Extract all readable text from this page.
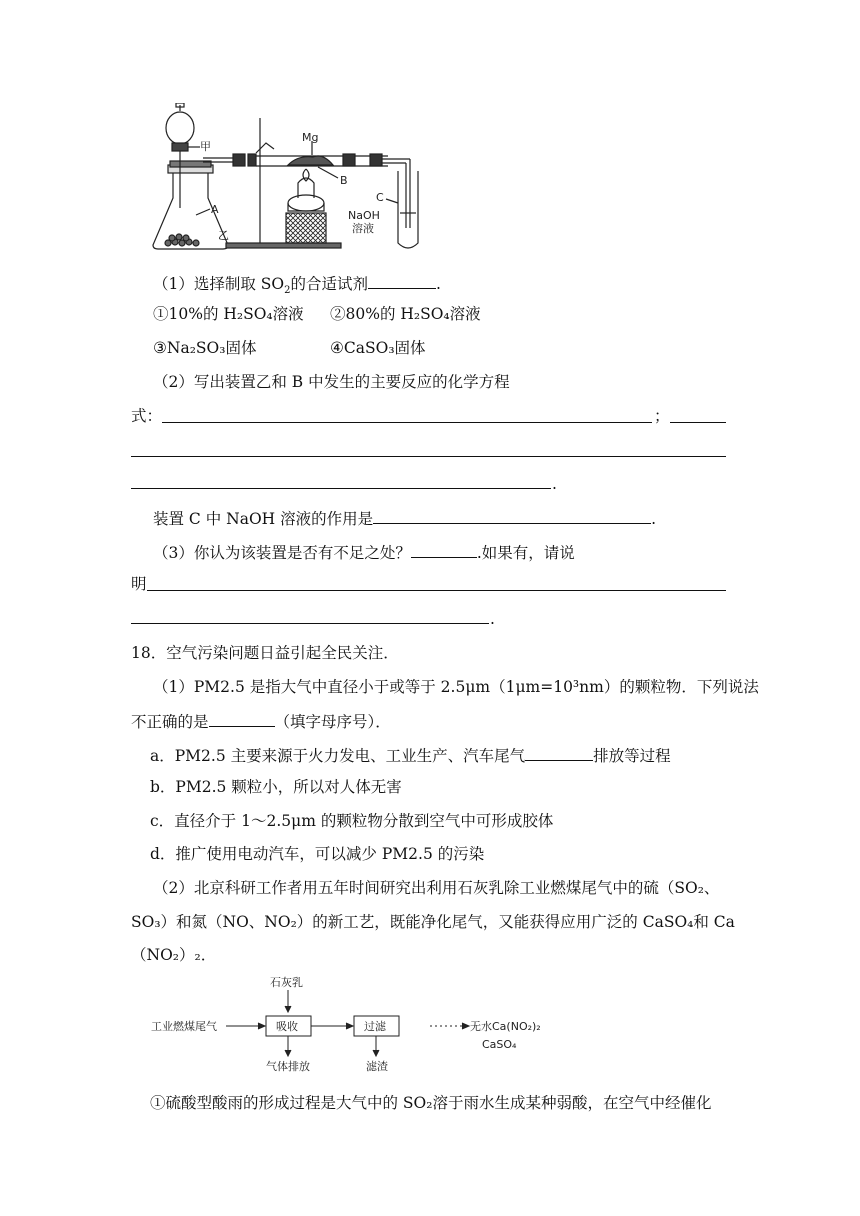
甲
A
乙
Mg
B
C
NaOH
溶液
（1）选择制取 $SO_2$的合适试剂	.
①10%的 H₂SO₄溶液 ②80%的 H₂SO₄溶液
③Na₂SO₃固体	④CaSO₃固体
（2）写出装置乙和 B 中发生的主要反应的化学方程
式：	；
.
装置 C 中 NaOH 溶液的作用是	.
（3）你认为该装置是否有不足之处？	.如果有，请说
明
.
18．空气污染问题日益引起全民关注．
（1）PM2.5 是指大气中直径小于或等于 2.5μm（1μm=10³nm）的颗粒物．下列说法
不正确的是	（填字母序号）．
a．PM2.5 主要来源于火力发电、工业生产、汽车尾气	排放等过程
b．PM2.5 颗粒小，所以对人体无害
c．直径介于 1～2.5μm 的颗粒物分散到空气中可形成胶体
d．推广使用电动汽车，可以减少 PM2.5 的污染
（2）北京科研工作者用五年时间研究出利用石灰乳除工业燃煤尾气中的硫（SO₂、
SO₃）和氮（NO、NO₂）的新工艺，既能净化尾气，又能获得应用广泛的 CaSO₄和 Ca
（NO₂）₂．
石灰乳
工业燃煤尾气	吸收	过滤	无水Ca(NO₂)₂
CaSO₄
气体排放	滤渣
①硫酸型酸雨的形成过程是大气中的 SO₂溶于雨水生成某种弱酸，在空气中经催化
